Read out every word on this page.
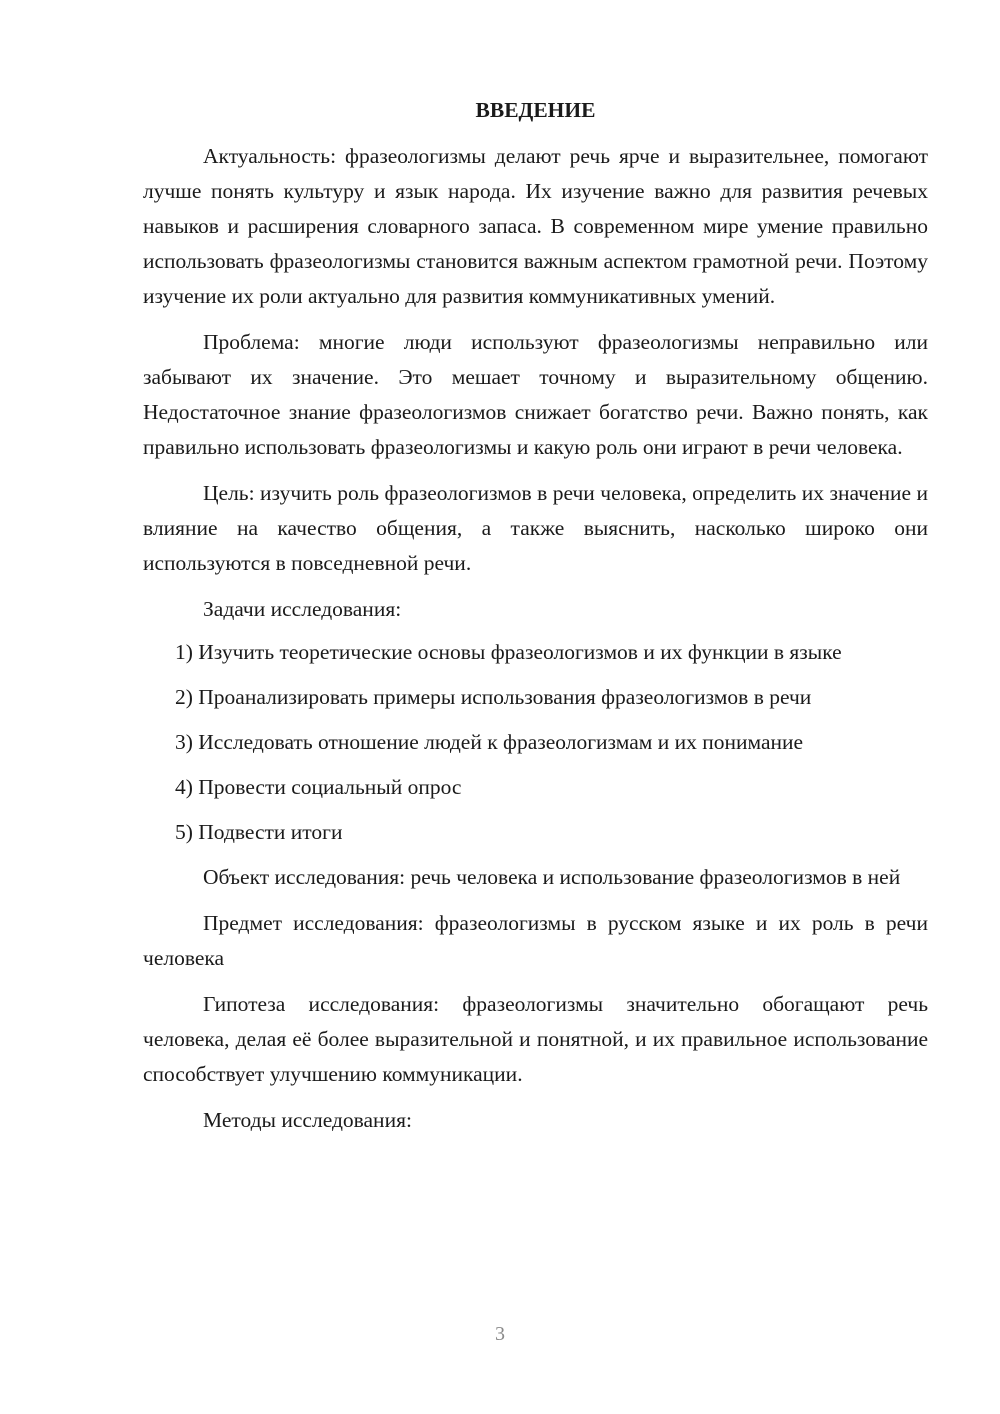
ВВЕДЕНИЕ

Актуальность: фразеологизмы делают речь ярче и выразительнее, помогают лучше понять культуру и язык народа. Их изучение важно для развития речевых навыков и расширения словарного запаса. В современном мире умение правильно использовать фразеологизмы становится важным аспектом грамотной речи. Поэтому изучение их роли актуально для развития коммуникативных умений.

Проблема: многие люди используют фразеологизмы неправильно или забывают их значение. Это мешает точному и выразительному общению. Недостаточное знание фразеологизмов снижает богатство речи. Важно понять, как правильно использовать фразеологизмы и какую роль они играют в речи человека.

Цель: изучить роль фразеологизмов в речи человека, определить их значение и влияние на качество общения, а также выяснить, насколько широко они используются в повседневной речи.

Задачи исследования:

1) Изучить теоретические основы фразеологизмов и их функции в языке

2) Проанализировать примеры использования фразеологизмов в речи

3) Исследовать отношение людей к фразеологизмам и их понимание

4) Провести социальный опрос

5) Подвести итоги

Объект исследования: речь человека и использование фразеологизмов в ней

Предмет исследования: фразеологизмы в русском языке и их роль в речи человека

Гипотеза исследования: фразеологизмы значительно обогащают речь человека, делая её более выразительной и понятной, и их правильное использование способствует улучшению коммуникации.

Методы исследования:

3
